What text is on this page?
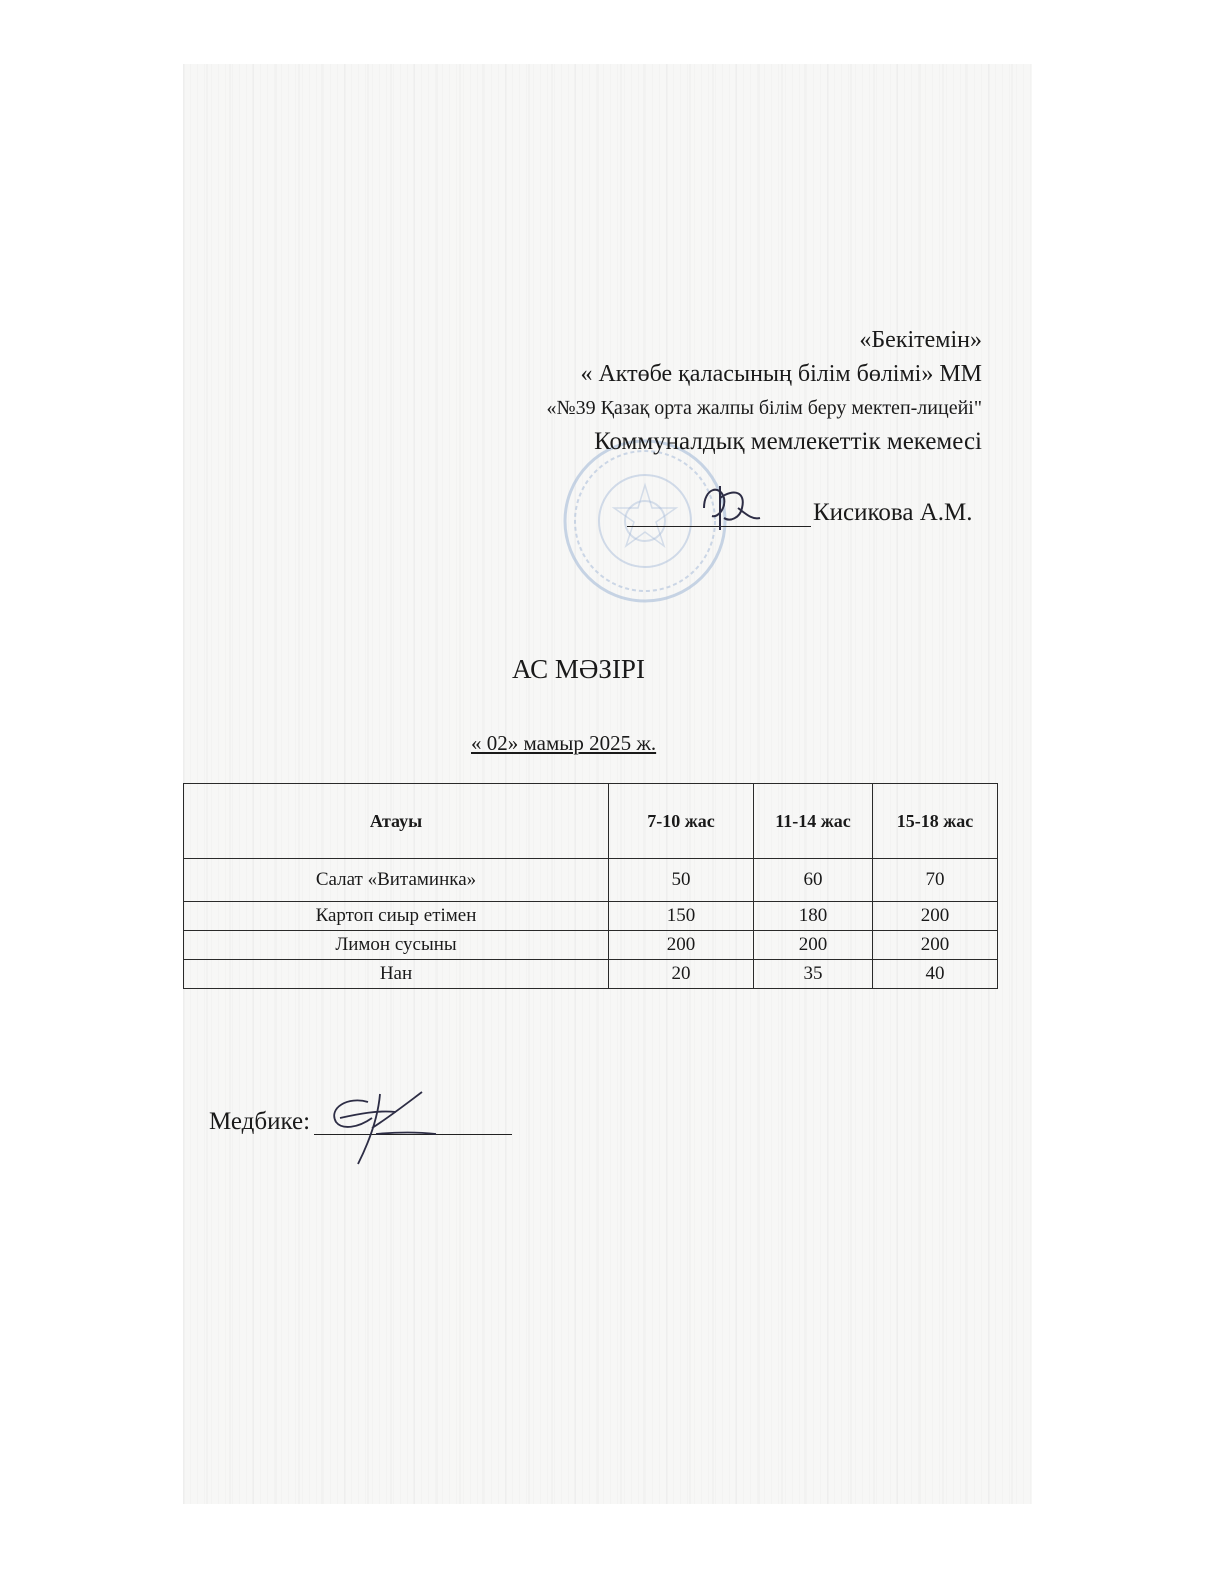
«Бекітемін»
« Актөбе қаласының білім бөлімі» ММ
«№39 Қазақ орта жалпы білім беру мектеп-лицейі"
Коммуналдық мемлекеттік мекемесі
Кисикова А.М.
АС МӘЗІРІ
« 02» мамыр 2025 ж.
Атауы	7-10 жас	11-14 жас	15-18 жас
Салат «Витаминка»	50	60	70
Картоп сиыр етімен	150	180	200
Лимон сусыны	200	200	200
Нан	20	35	40
Медбике:
